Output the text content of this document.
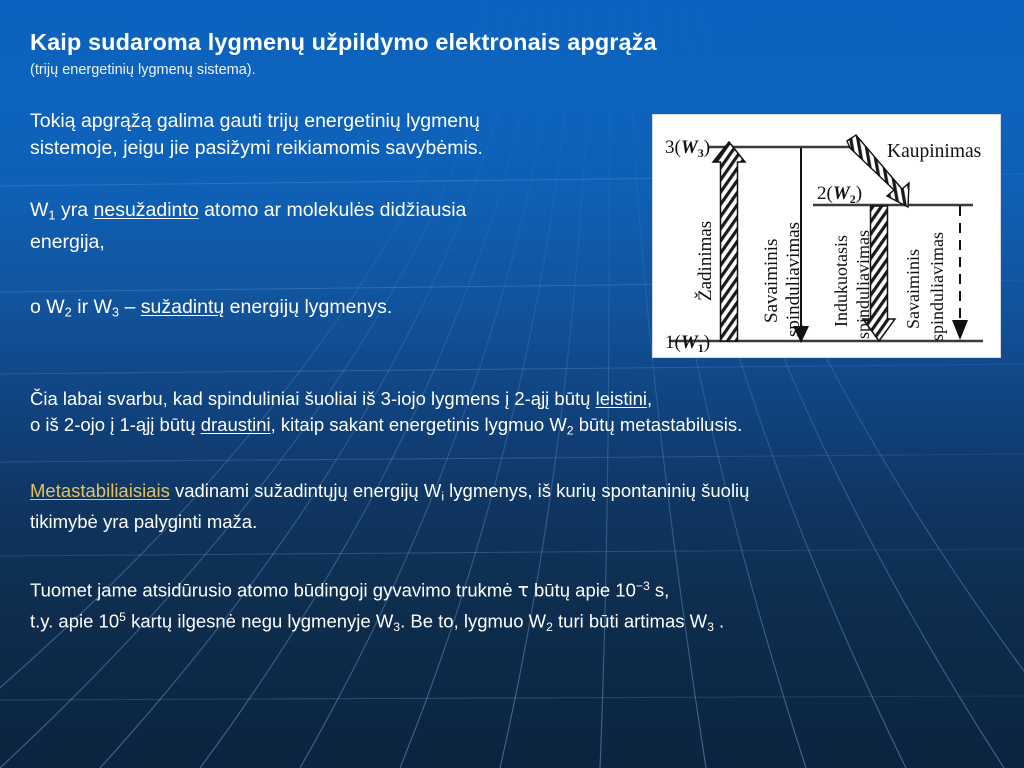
Kaip sudaroma lygmenų užpildymo elektronais apgrąža
(trijų energetinių lygmenų sistema).
Tokią apgrąžą galima gauti trijų energetinių lygmenų
sistemoje, jeigu jie pasižymi reikiamomis savybėmis.
$W_1$ yra nesužadinto atomo ar molekulės didžiausia
energija,
o $W_2$ ir $W_3$ – sužadintų energijų lygmenys.
Čia labai svarbu, kad spinduliniai šuoliai iš 3-iojo lygmens į 2-ąjį būtų leistini,
o iš 2-ojo į 1-ąjį būtų draustini, kitaip sakant energetinis lygmuo $W_2$ būtų metastabilusis.
Metastabiliaisiais vadinami sužadintųjų energijų $W_i$ lygmenys, iš kurių spontaninių šuolių
tikimybė yra palyginti maža.
Tuomet jame atsidūrusio atomo būdingoji gyvavimo trukmė τ būtų apie $10^{-3}$ s,
t.y. apie $10^5$ kartų ilgesnė negu lygmenyje $W_3$. Be to, lygmuo $W_2$ turi būti artimas $W_3$ .
$3(W_3)$
$2(W_2)$
$1(W_1)$
Žadinimas Savaiminis spinduliavimas
Kaupinimas
Indukuotasis spinduliavimas Savaiminis spinduliavimas
